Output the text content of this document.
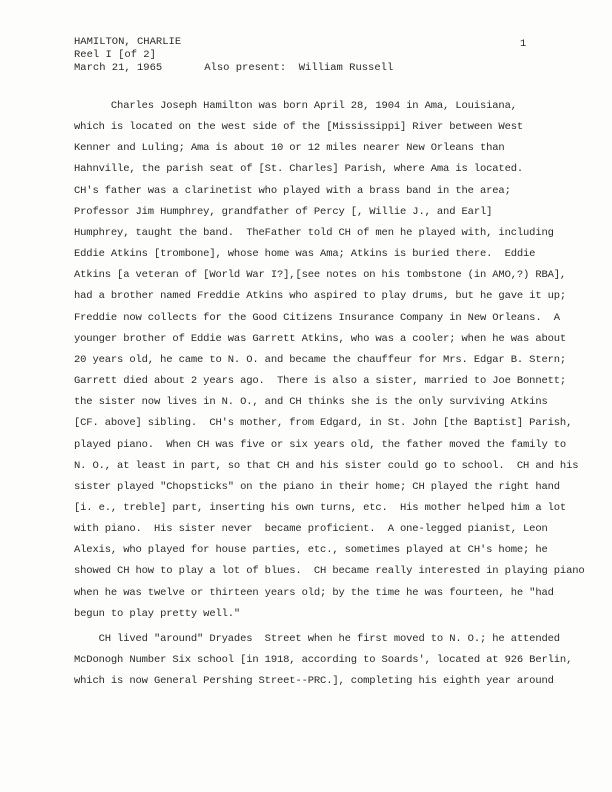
HAMILTON, CHARLIE
Reel I [of 2]
March 21, 1965	Also present:  William Russell
1
Charles Joseph Hamilton was born April 28, 1904 in Ama, Louisiana,
which is located on the west side of the [Mississippi] River between West
Kenner and Luling; Ama is about 10 or 12 miles nearer New Orleans than
Hahnville, the parish seat of [St. Charles] Parish, where Ama is located.
CH's father was a clarinetist who played with a brass band in the area;
Professor Jim Humphrey, grandfather of Percy [, Willie J., and Earl]
Humphrey, taught the band.  TheFather told CH of men he played with, including
Eddie Atkins [trombone], whose home was Ama; Atkins is buried there.  Eddie
Atkins [a veteran of [World War I?],[see notes on his tombstone (in AMO,?) RBA],
had a brother named Freddie Atkins who aspired to play drums, but he gave it up;
Freddie now collects for the Good Citizens Insurance Company in New Orleans.  A
younger brother of Eddie was Garrett Atkins, who was a cooler; when he was about
20 years old, he came to N. O. and became the chauffeur for Mrs. Edgar B. Stern;
Garrett died about 2 years ago.  There is also a sister, married to Joe Bonnett;
the sister now lives in N. O., and CH thinks she is the only surviving Atkins
[CF. above] sibling.  CH's mother, from Edgard, in St. John [the Baptist] Parish,
played piano.  When CH was five or six years old, the father moved the family to
N. O., at least in part, so that CH and his sister could go to school.  CH and his
sister played "Chopsticks" on the piano in their home; CH played the right hand
[i. e., treble] part, inserting his own turns, etc.  His mother helped him a lot
with piano.  His sister never  became proficient.  A one-legged pianist, Leon
Alexis, who played for house parties, etc., sometimes played at CH's home; he
showed CH how to play a lot of blues.  CH became really interested in playing piano
when he was twelve or thirteen years old; by the time he was fourteen, he "had
begun to play pretty well."
CH lived "around" Dryades  Street when he first moved to N. O.; he attended
McDonogh Number Six school [in 1918, according to Soards', located at 926 Berlin,
which is now General Pershing Street--PRC.], completing his eighth year around
